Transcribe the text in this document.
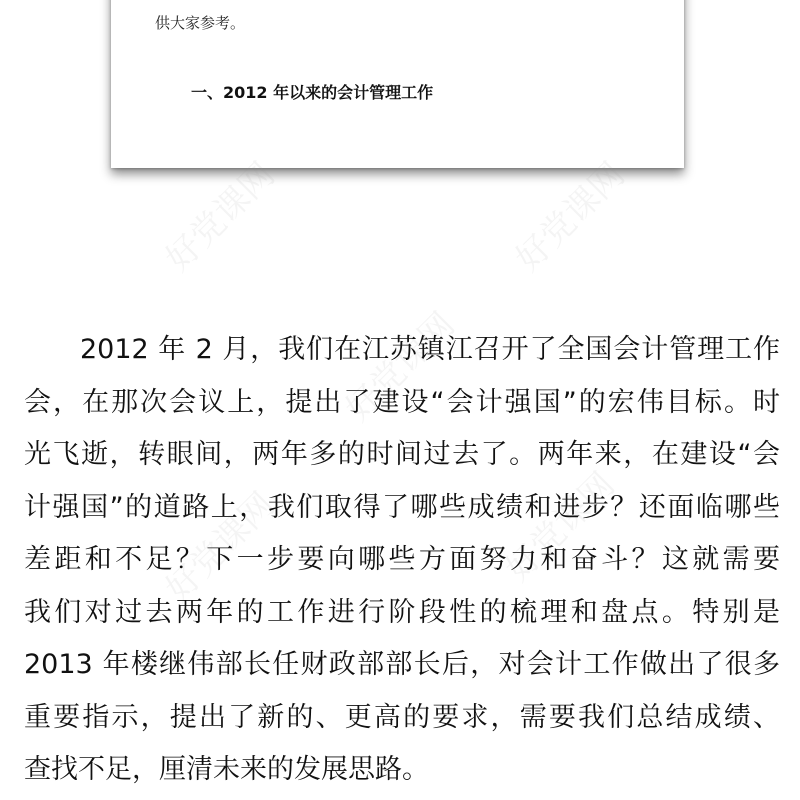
供大家参考。
一、2012 年以来的会计管理工作
好党课网	好党课网
好党课网
好党课网	好党课网
2012 年 2 月，我们在江苏镇江召开了全国会计管理工作
会，在那次会议上，提出了建设“会计强国”的宏伟目标。时
光飞逝，转眼间，两年多的时间过去了。两年来，在建设“会
计强国”的道路上，我们取得了哪些成绩和进步？还面临哪些
差距和不足？下一步要向哪些方面努力和奋斗？这就需要
我们对过去两年的工作进行阶段性的梳理和盘点。特别是
2013 年楼继伟部长任财政部部长后，对会计工作做出了很多
重要指示，提出了新的、更高的要求，需要我们总结成绩、
查找不足，厘清未来的发展思路。
